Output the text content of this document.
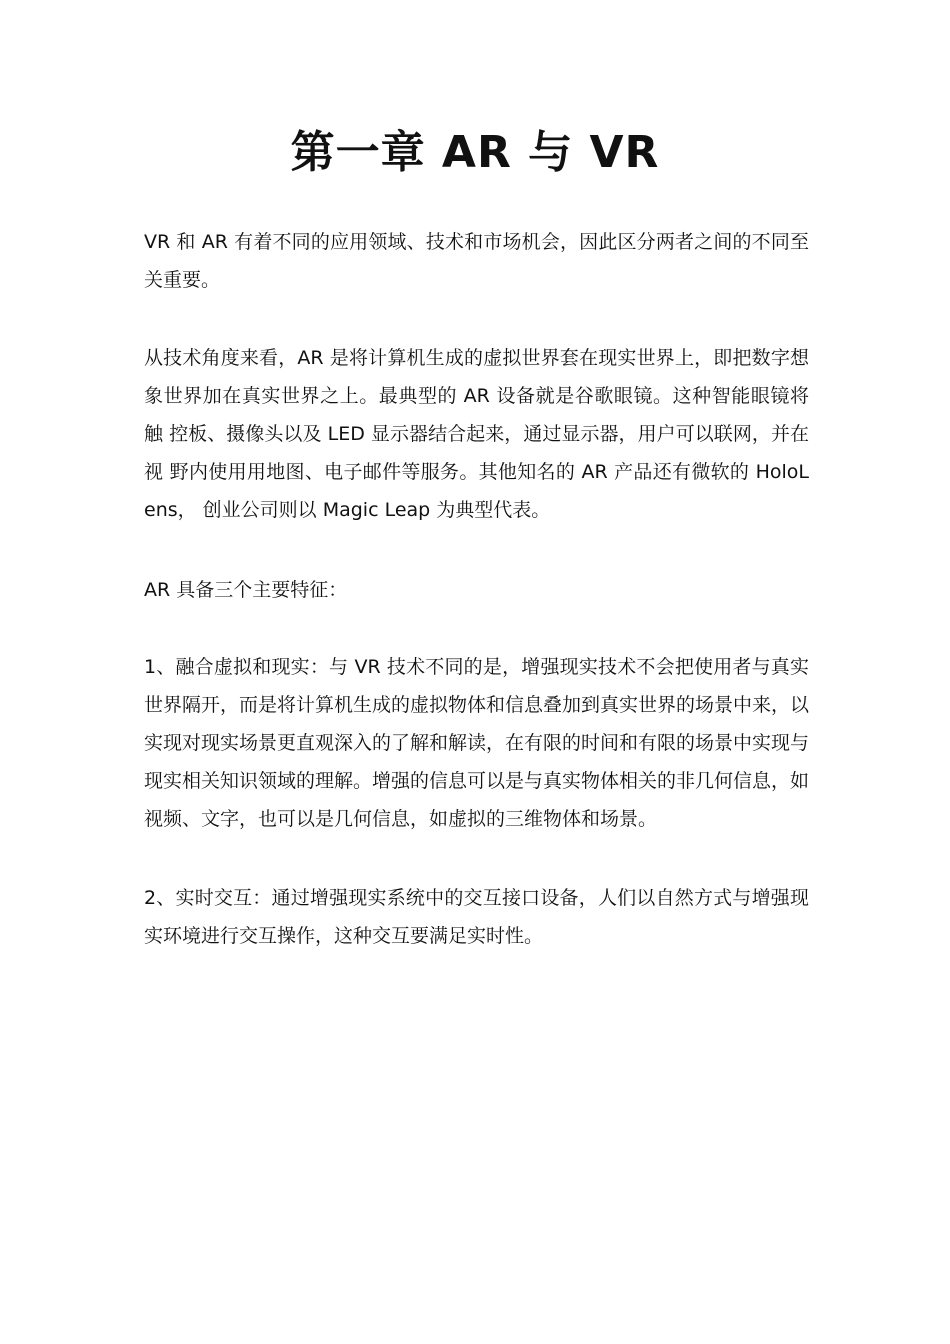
第一章 AR 与 VR

VR 和 AR 有着不同的应用领域、技术和市场机会，因此区分两者之间的不同至关重要。

从技术角度来看，AR 是将计算机生成的虚拟世界套在现实世界上，即把数字想 象世界加在真实世界之上。最典型的 AR 设备就是谷歌眼镜。这种智能眼镜将触 控板、摄像头以及 LED 显示器结合起来，通过显示器，用户可以联网，并在视 野内使用用地图、电子邮件等服务。其他知名的 AR 产品还有微软的 HoloLens， 创业公司则以 Magic Leap 为典型代表。

AR 具备三个主要特征：

1、融合虚拟和现实：与 VR 技术不同的是，增强现实技术不会把使用者与真实世界隔开，而是将计算机生成的虚拟物体和信息叠加到真实世界的场景中来，以实现对现实场景更直观深入的了解和解读，在有限的时间和有限的场景中实现与现实相关知识领域的理解。增强的信息可以是与真实物体相关的非几何信息，如视频、文字，也可以是几何信息，如虚拟的三维物体和场景。

2、实时交互：通过增强现实系统中的交互接口设备，人们以自然方式与增强现实环境进行交互操作，这种交互要满足实时性。
